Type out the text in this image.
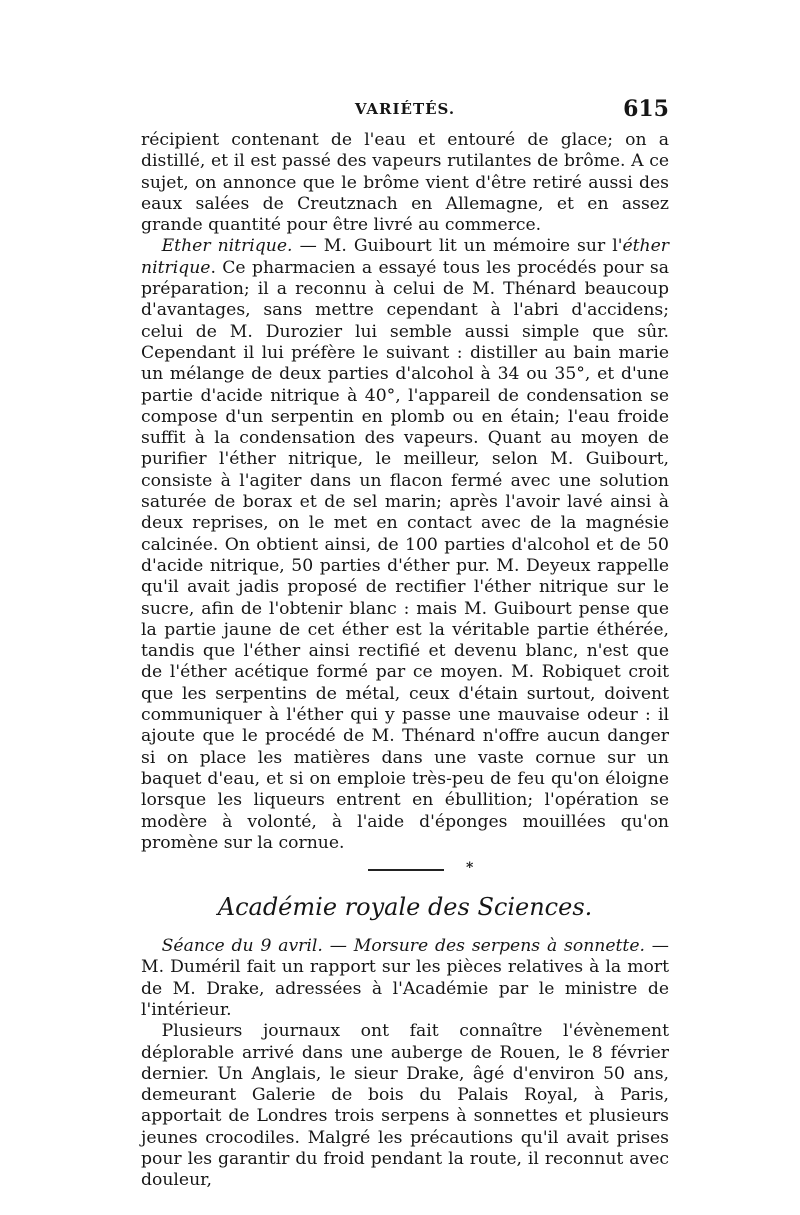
VARIÉTÉS.	615

récipient contenant de l'eau et entouré de glace; on a distillé, et il est passé des vapeurs rutilantes de brôme. A ce sujet, on annonce que le brôme vient d'être retiré aussi des eaux salées de Creutznach en Allemagne, et en assez grande quantité pour être livré au commerce.

Ether nitrique. — M. Guibourt lit un mémoire sur l'éther nitrique. Ce pharmacien a essayé tous les procédés pour sa préparation; il a reconnu à celui de M. Thénard beaucoup d'avantages, sans mettre cependant à l'abri d'accidens; celui de M. Durozier lui semble aussi simple que sûr. Cependant il lui préfère le suivant : distiller au bain marie un mélange de deux parties d'alcohol à 34 ou 35°, et d'une partie d'acide nitrique à 40°, l'appareil de condensation se compose d'un serpentin en plomb ou en étain; l'eau froide suffit à la condensation des vapeurs. Quant au moyen de purifier l'éther nitrique, le meilleur, selon M. Guibourt, consiste à l'agiter dans un flacon fermé avec une solution saturée de borax et de sel marin; après l'avoir lavé ainsi à deux reprises, on le met en contact avec de la magnésie calcinée. On obtient ainsi, de 100 parties d'alcohol et de 50 d'acide nitrique, 50 parties d'éther pur. M. Deyeux rappelle qu'il avait jadis proposé de rectifier l'éther nitrique sur le sucre, afin de l'obtenir blanc : mais M. Guibourt pense que la partie jaune de cet éther est la véritable partie éthérée, tandis que l'éther ainsi rectifié et devenu blanc, n'est que de l'éther acétique formé par ce moyen. M. Robiquet croit que les serpentins de métal, ceux d'étain surtout, doivent communiquer à l'éther qui y passe une mauvaise odeur : il ajoute que le procédé de M. Thénard n'offre aucun danger si on place les matières dans une vaste cornue sur un baquet d'eau, et si on emploie très-peu de feu qu'on éloigne lorsque les liqueurs entrent en ébullition; l'opération se modère à volonté, à l'aide d'éponges mouillées qu'on promène sur la cornue.

*
Académie royale des Sciences.

Séance du 9 avril. — Morsure des serpens à sonnette. — M. Duméril fait un rapport sur les pièces relatives à la mort de M. Drake, adressées à l'Académie par le ministre de l'intérieur.

Plusieurs journaux ont fait connaître l'évènement déplorable arrivé dans une auberge de Rouen, le 8 février dernier. Un Anglais, le sieur Drake, âgé d'environ 50 ans, demeurant Galerie de bois du Palais Royal, à Paris, apportait de Londres trois serpens à sonnettes et plusieurs jeunes crocodiles. Malgré les précautions qu'il avait prises pour les garantir du froid pendant la route, il reconnut avec douleur,
